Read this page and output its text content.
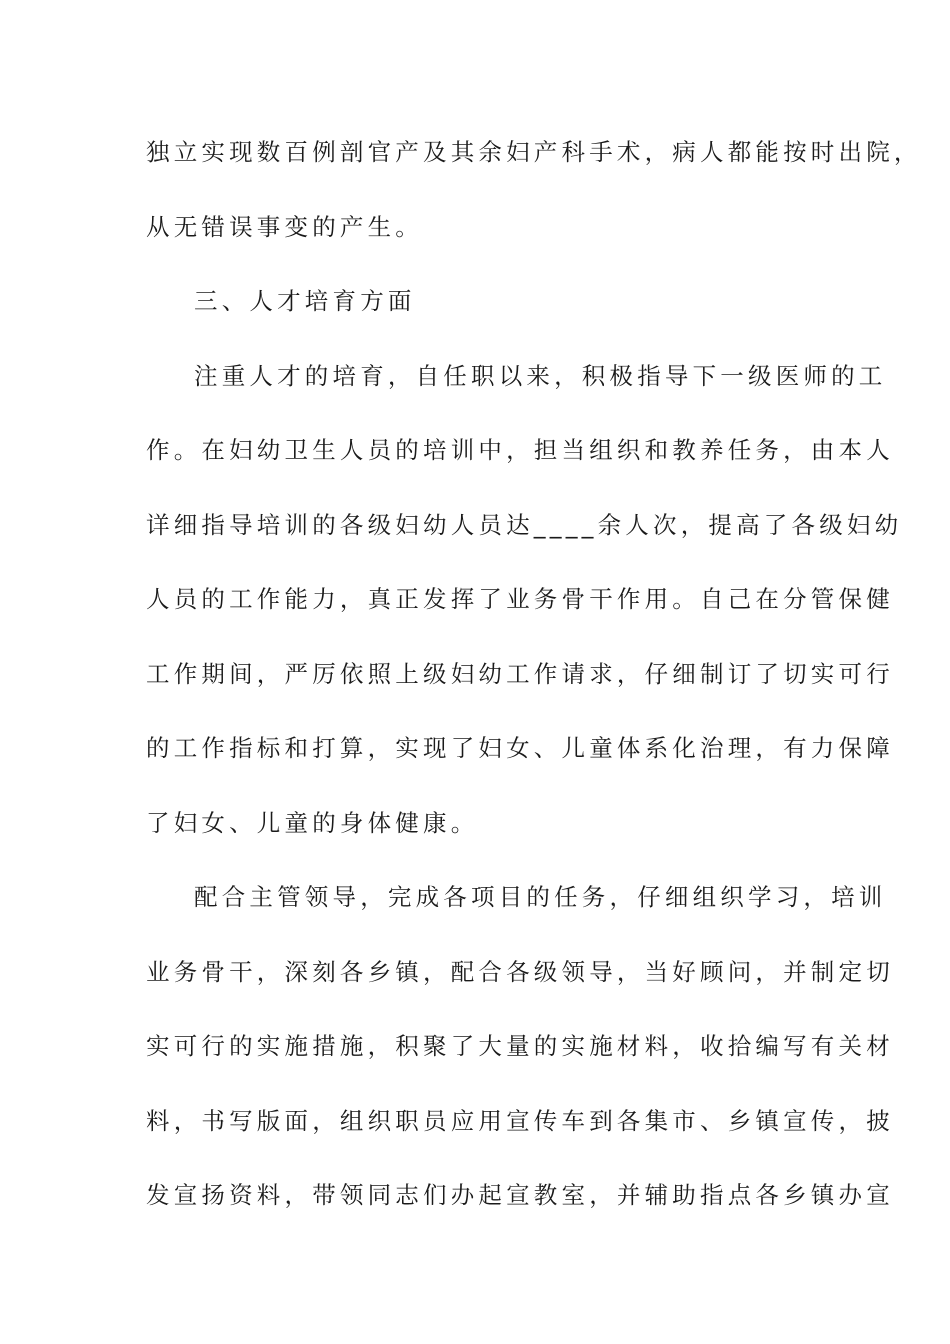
独立实现数百例剖官产及其余妇产科手术，病人都能按时出院，
从无错误事变的产生。
三、人才培育方面
注重人才的培育，自任职以来，积极指导下一级医师的工
作。在妇幼卫生人员的培训中，担当组织和教养任务，由本人
详细指导培训的各级妇幼人员达____余人次，提高了各级妇幼
人员的工作能力，真正发挥了业务骨干作用。自己在分管保健
工作期间，严厉依照上级妇幼工作请求，仔细制订了切实可行
的工作指标和打算，实现了妇女、儿童体系化治理，有力保障
了妇女、儿童的身体健康。
配合主管领导，完成各项目的任务，仔细组织学习，培训
业务骨干，深刻各乡镇，配合各级领导，当好顾问，并制定切
实可行的实施措施，积聚了大量的实施材料，收拾编写有关材
料，书写版面，组织职员应用宣传车到各集市、乡镇宣传，披
发宣扬资料，带领同志们办起宣教室，并辅助指点各乡镇办宣
